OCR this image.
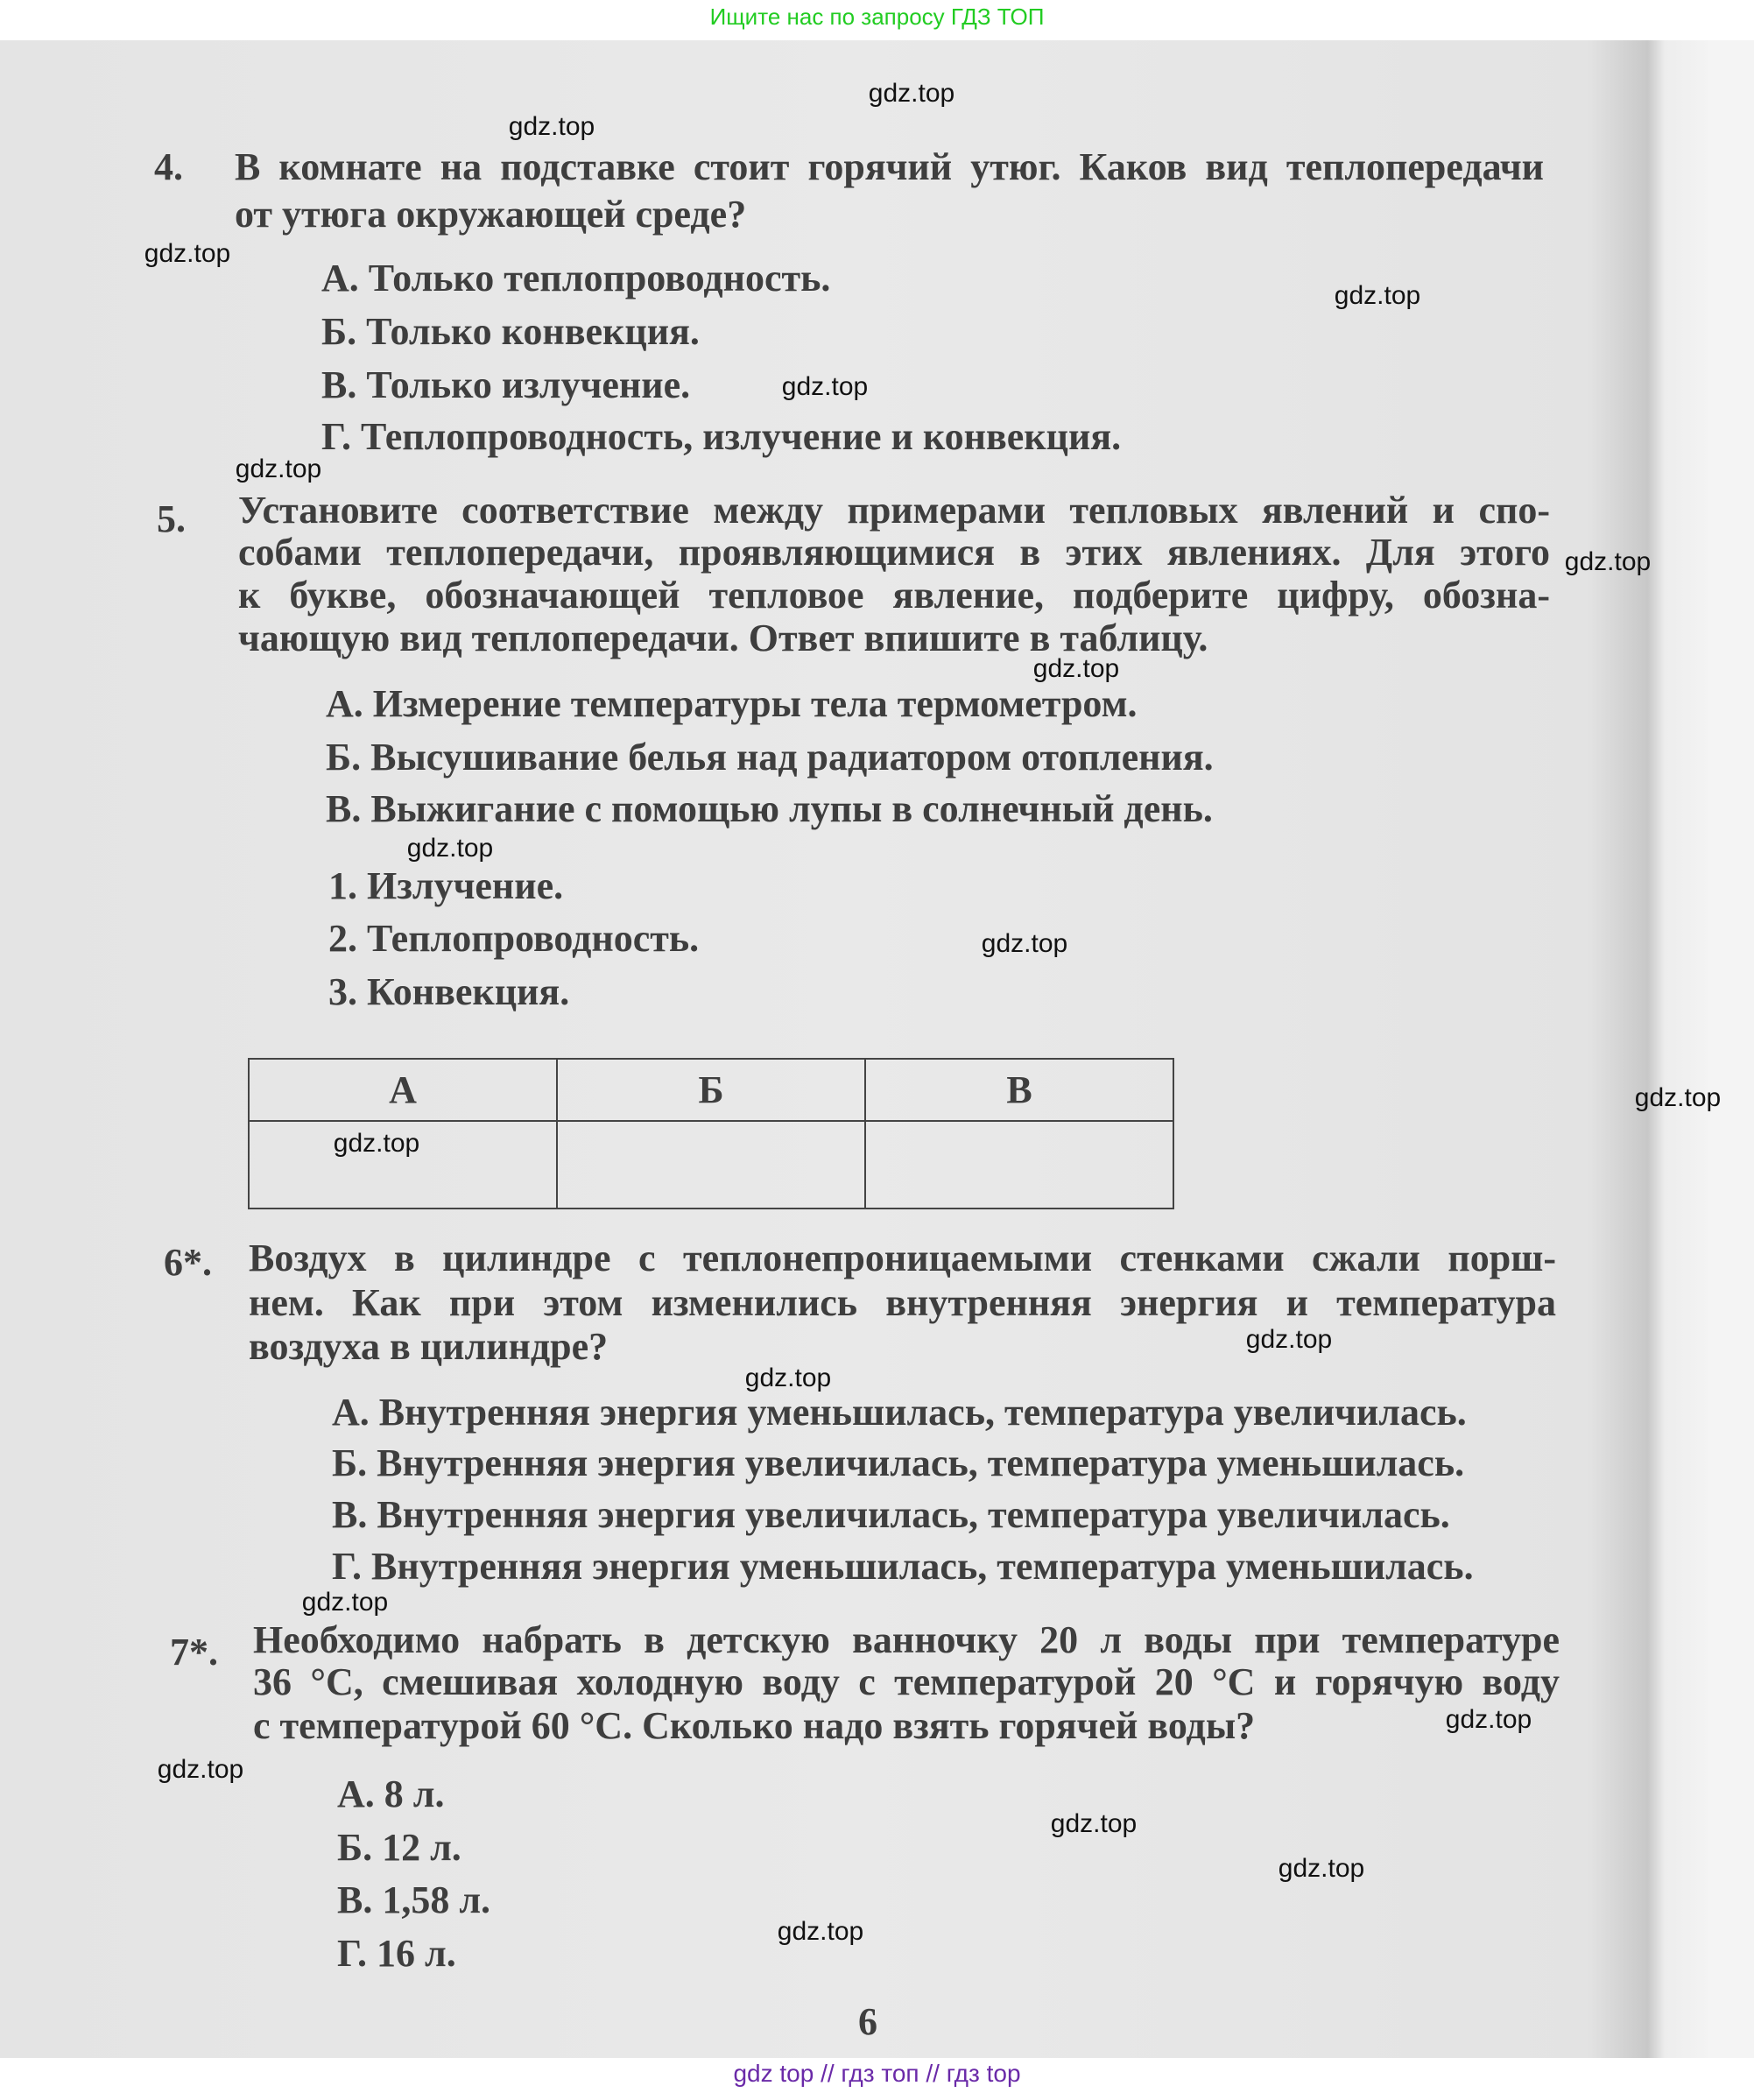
Ищите нас по запросу ГДЗ ТОП
4. В комнате на подставке стоит горячий утюг. Каков вид теплопередачи
от утюга окружающей среде?
А. Только теплопроводность.
Б. Только конвекция.
В. Только излучение.
Г. Теплопроводность, излучение и конвекция.
5. Установите соответствие между примерами тепловых явлений и спо-
собами теплопередачи, проявляющимися в этих явлениях. Для этого
к букве, обозначающей тепловое явление, подберите цифру, обозна-
чающую вид теплопередачи. Ответ впишите в таблицу.
А. Измерение температуры тела термометром.
Б. Высушивание белья над радиатором отопления.
В. Выжигание с помощью лупы в солнечный день.
1. Излучение.
2. Теплопроводность.
3. Конвекция.
А	Б	В

6*. Воздух в цилиндре с теплонепроницаемыми стенками сжали порш-
нем. Как при этом изменились внутренняя энергия и температура
воздуха в цилиндре?
А. Внутренняя энергия уменьшилась, температура увеличилась.
Б. Внутренняя энергия увеличилась, температура уменьшилась.
В. Внутренняя энергия увеличилась, температура увеличилась.
Г. Внутренняя энергия уменьшилась, температура уменьшилась.
7*. Необходимо набрать в детскую ванночку 20 л воды при температуре
36 °С, смешивая холодную воду с температурой 20 °С и горячую воду
с температурой 60 °С. Сколько надо взять горячей воды?
А. 8 л.
Б. 12 л.
В. 1,58 л.
Г. 16 л.
6
gdz.top
gdz.top
gdz.top
gdz.top
gdz.top
gdz.top
gdz.top
gdz.top
gdz.top
gdz.top
gdz.top
gdz.top
gdz.top
gdz.top
gdz.top
gdz.top
gdz.top
gdz.top
gdz.top
gdz.top
gdz top // гдз топ // гдз top
